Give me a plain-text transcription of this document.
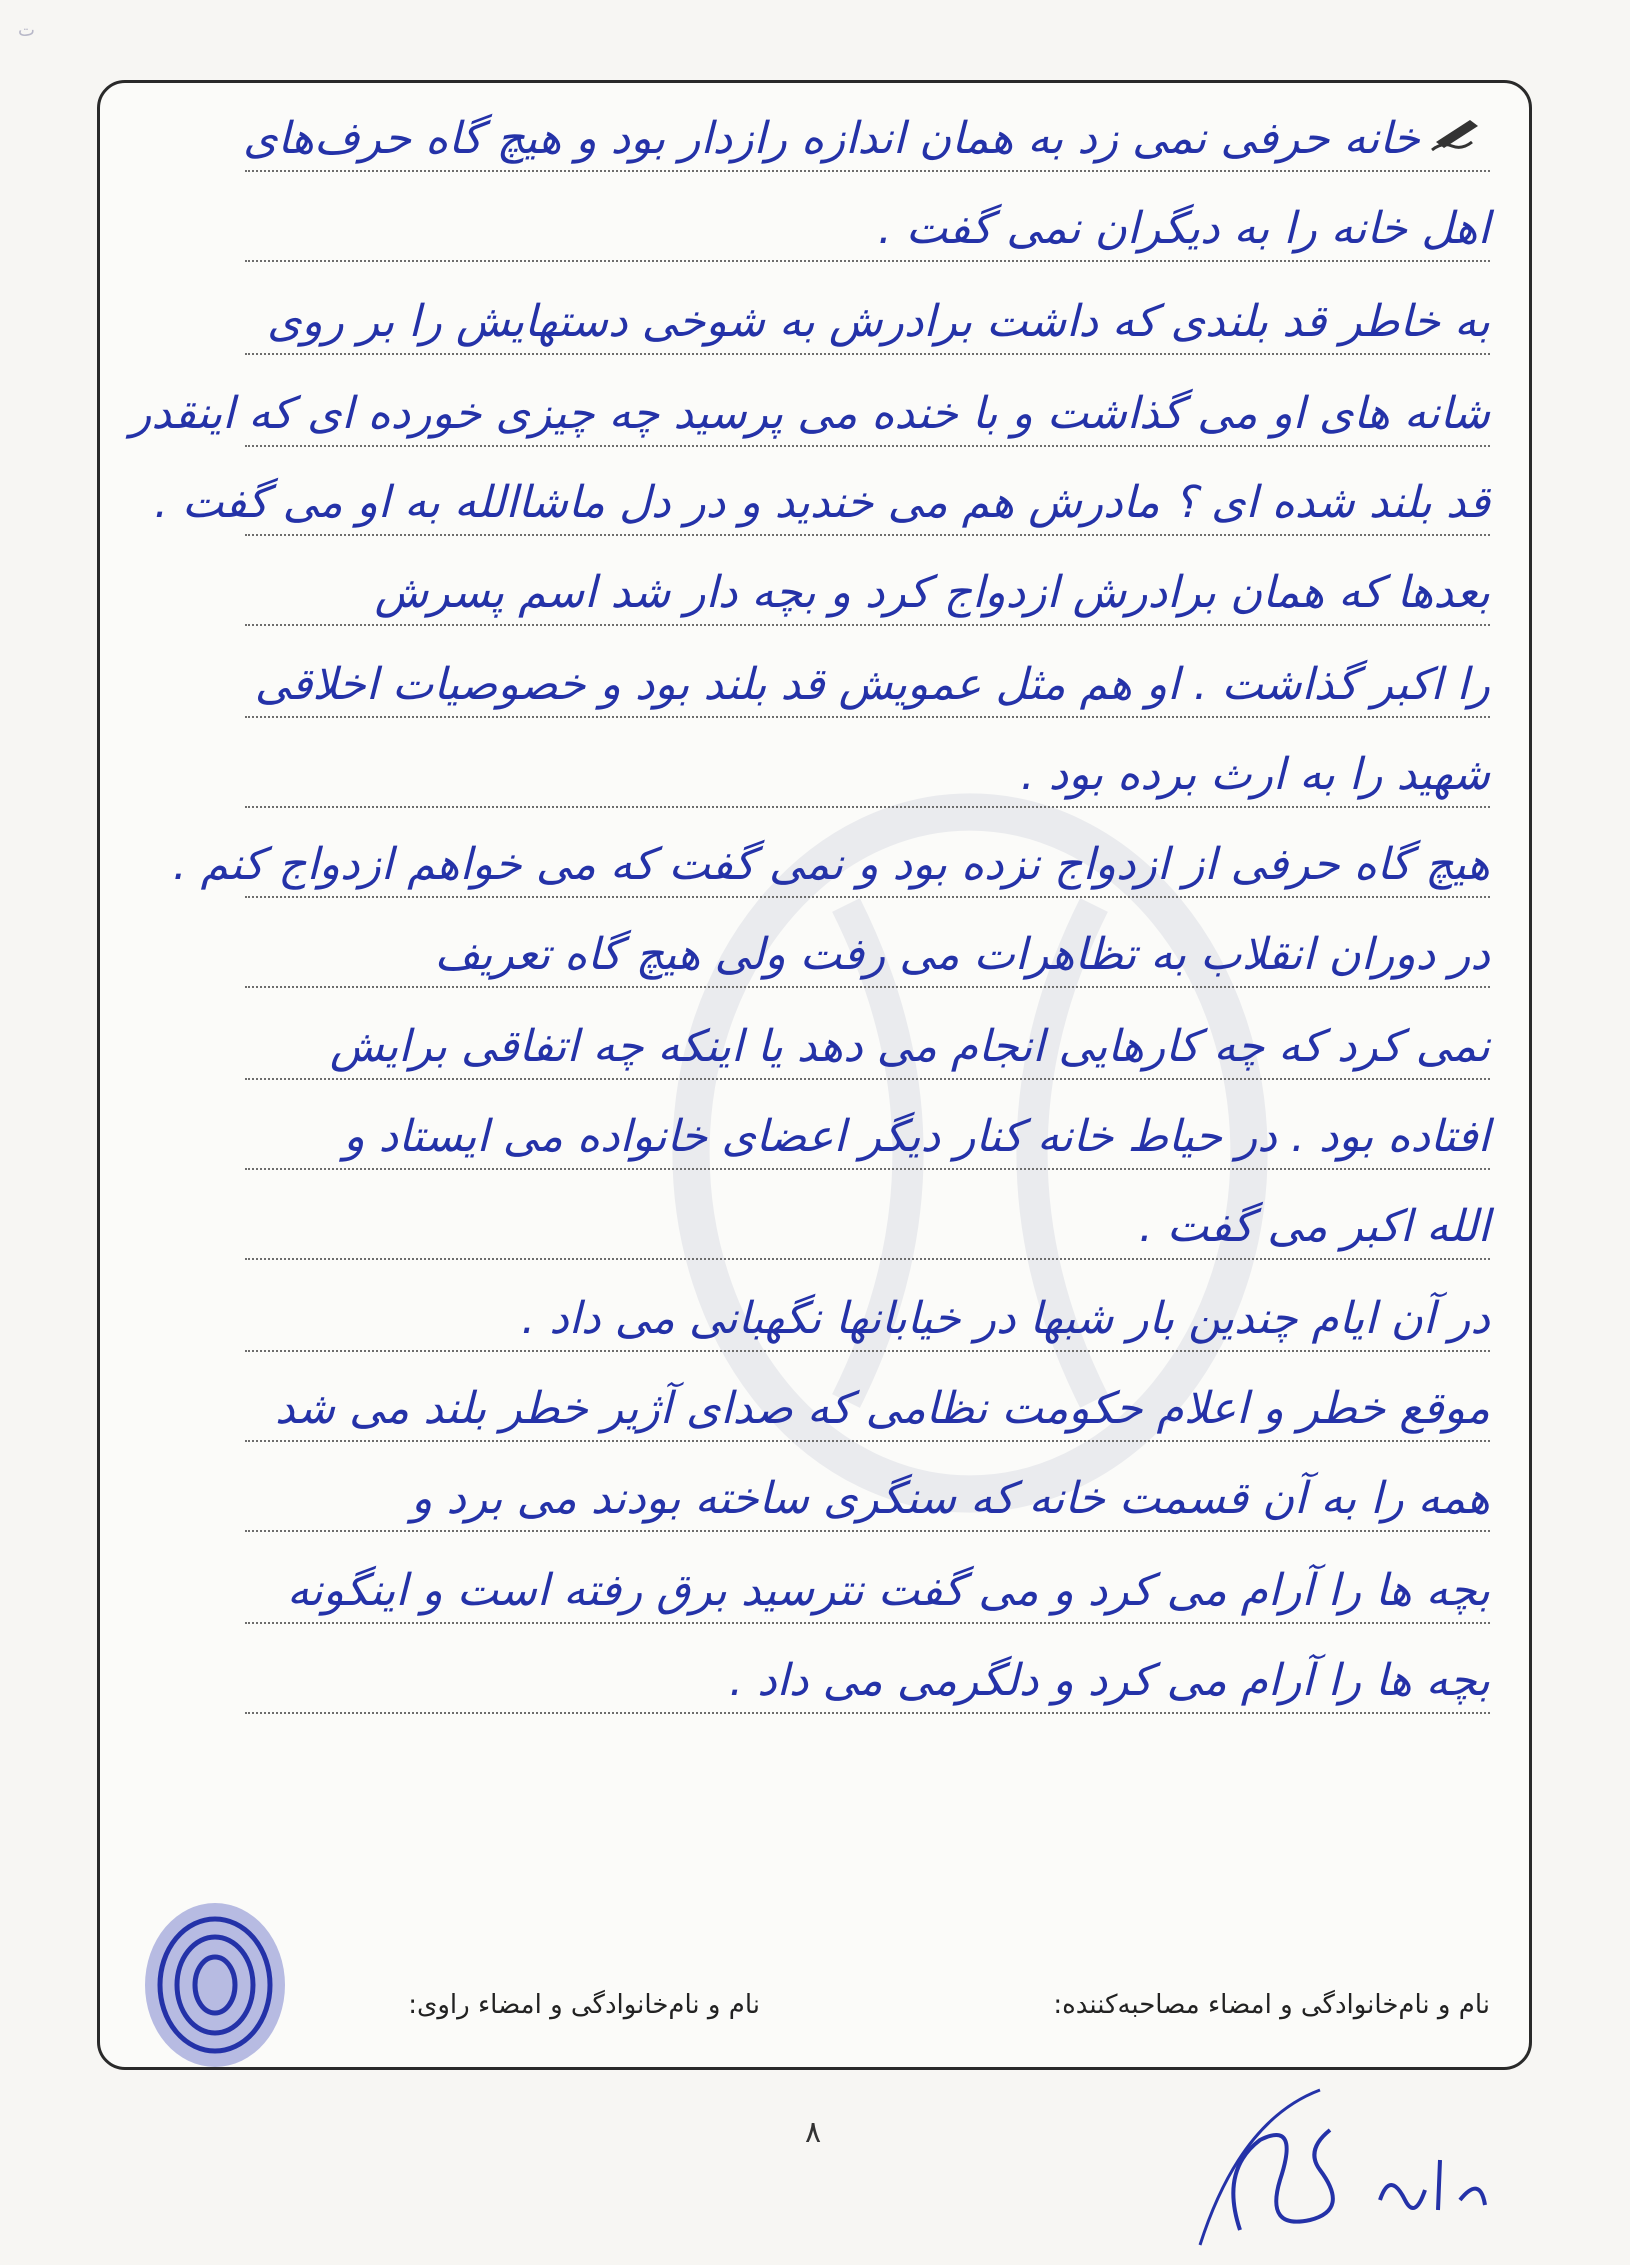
ت
خانه حرفی نمی زد به همان اندازه رازدار بود و هیچ گاه حرف‌های
اهل خانه را به دیگران نمی گفت .
به خاطر قد بلندی که داشت برادرش به شوخی دستهایش را بر روی
شانه های او می گذاشت و با خنده می پرسید چه چیزی خورده ای که اینقدر
قد بلند شده ای ؟ مادرش هم می خندید و در دل ماشاالله به او می گفت .
بعدها که همان برادرش ازدواج کرد و بچه دار شد اسم پسرش
را اکبر گذاشت . او هم مثل عمویش قد بلند بود و خصوصیات اخلاقی
شهید را به ارث برده بود .
هیچ گاه حرفی از ازدواج نزده بود و نمی گفت که می خواهم ازدواج کنم .
در دوران انقلاب به تظاهرات می رفت ولی هیچ گاه تعریف
نمی کرد که چه کارهایی انجام می دهد یا اینکه چه اتفاقی برایش
افتاده بود . در حیاط خانه کنار دیگر اعضای خانواده می ایستاد و
الله اکبر می گفت .
در آن ایام چندین بار شبها در خیابانها نگهبانی می داد .
موقع خطر و اعلام حکومت نظامی که صدای آژیر خطر بلند می شد
همه را به آن قسمت خانه که سنگری ساخته بودند می برد و
بچه ها را آرام می کرد و می گفت نترسید برق رفته است و اینگونه
بچه ها را آرام می کرد و دلگرمی می داد .
نام و نام‌خانوادگی و امضاء مصاحبه‌کننده:
نام و نام‌خانوادگی و امضاء راوی:
۸
